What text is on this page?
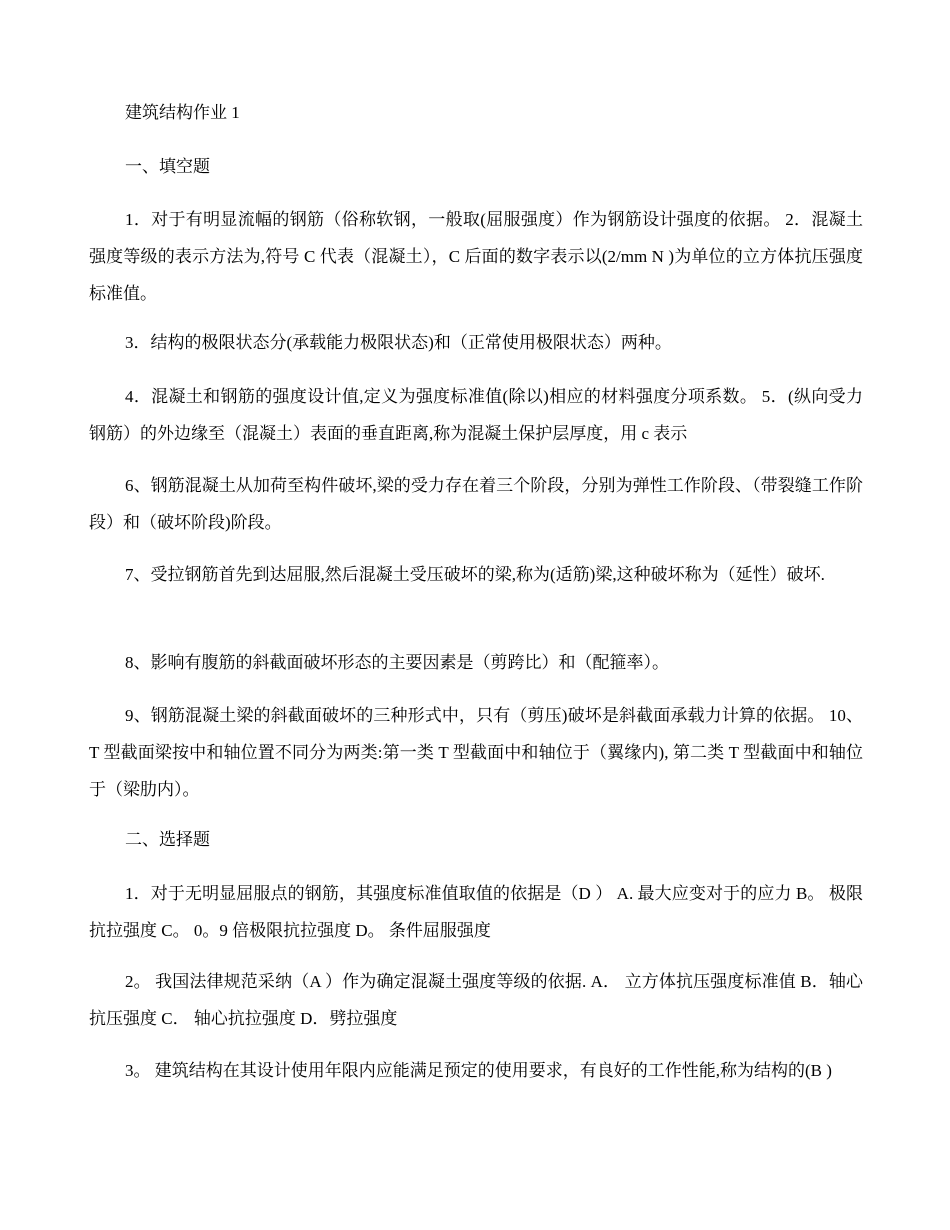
建筑结构作业 1

一、填空题

1．对于有明显流幅的钢筋（俗称软钢，一般取(屈服强度）作为钢筋设计强度的依据。 2．混凝土强度等级的表示方法为,符号 C 代表（混凝土），C 后面的数字表示以(2/mm N )为单位的立方体抗压强度标准值。

3．结构的极限状态分(承载能力极限状态)和（正常使用极限状态）两种。

4．混凝土和钢筋的强度设计值,定义为强度标准值(除以)相应的材料强度分项系数。 5．(纵向受力钢筋）的外边缘至（混凝土）表面的垂直距离,称为混凝土保护层厚度，用 c 表示

6、钢筋混凝土从加荷至构件破坏,梁的受力存在着三个阶段，分别为弹性工作阶段、（带裂缝工作阶段）和（破坏阶段)阶段。

7、受拉钢筋首先到达屈服,然后混凝土受压破坏的梁,称为(适筋)梁,这种破坏称为（延性）破坏.

8、影响有腹筋的斜截面破坏形态的主要因素是（剪跨比）和（配箍率）。

9、钢筋混凝土梁的斜截面破坏的三种形式中，只有（剪压)破坏是斜截面承载力计算的依据。 10、T 型截面梁按中和轴位置不同分为两类:第一类 T 型截面中和轴位于（翼缘内), 第二类 T 型截面中和轴位于（梁肋内）。

二、选择题

1．对于无明显屈服点的钢筋，其强度标准值取值的依据是（D ） A. 最大应变对于的应力 B。 极限抗拉强度 C。 0。9 倍极限抗拉强度 D。 条件屈服强度

2。 我国法律规范采纳（A ）作为确定混凝土强度等级的依据. A． 立方体抗压强度标准值 B．轴心抗压强度 C． 轴心抗拉强度 D．劈拉强度

3。 建筑结构在其设计使用年限内应能满足预定的使用要求，有良好的工作性能,称为结构的(B )
